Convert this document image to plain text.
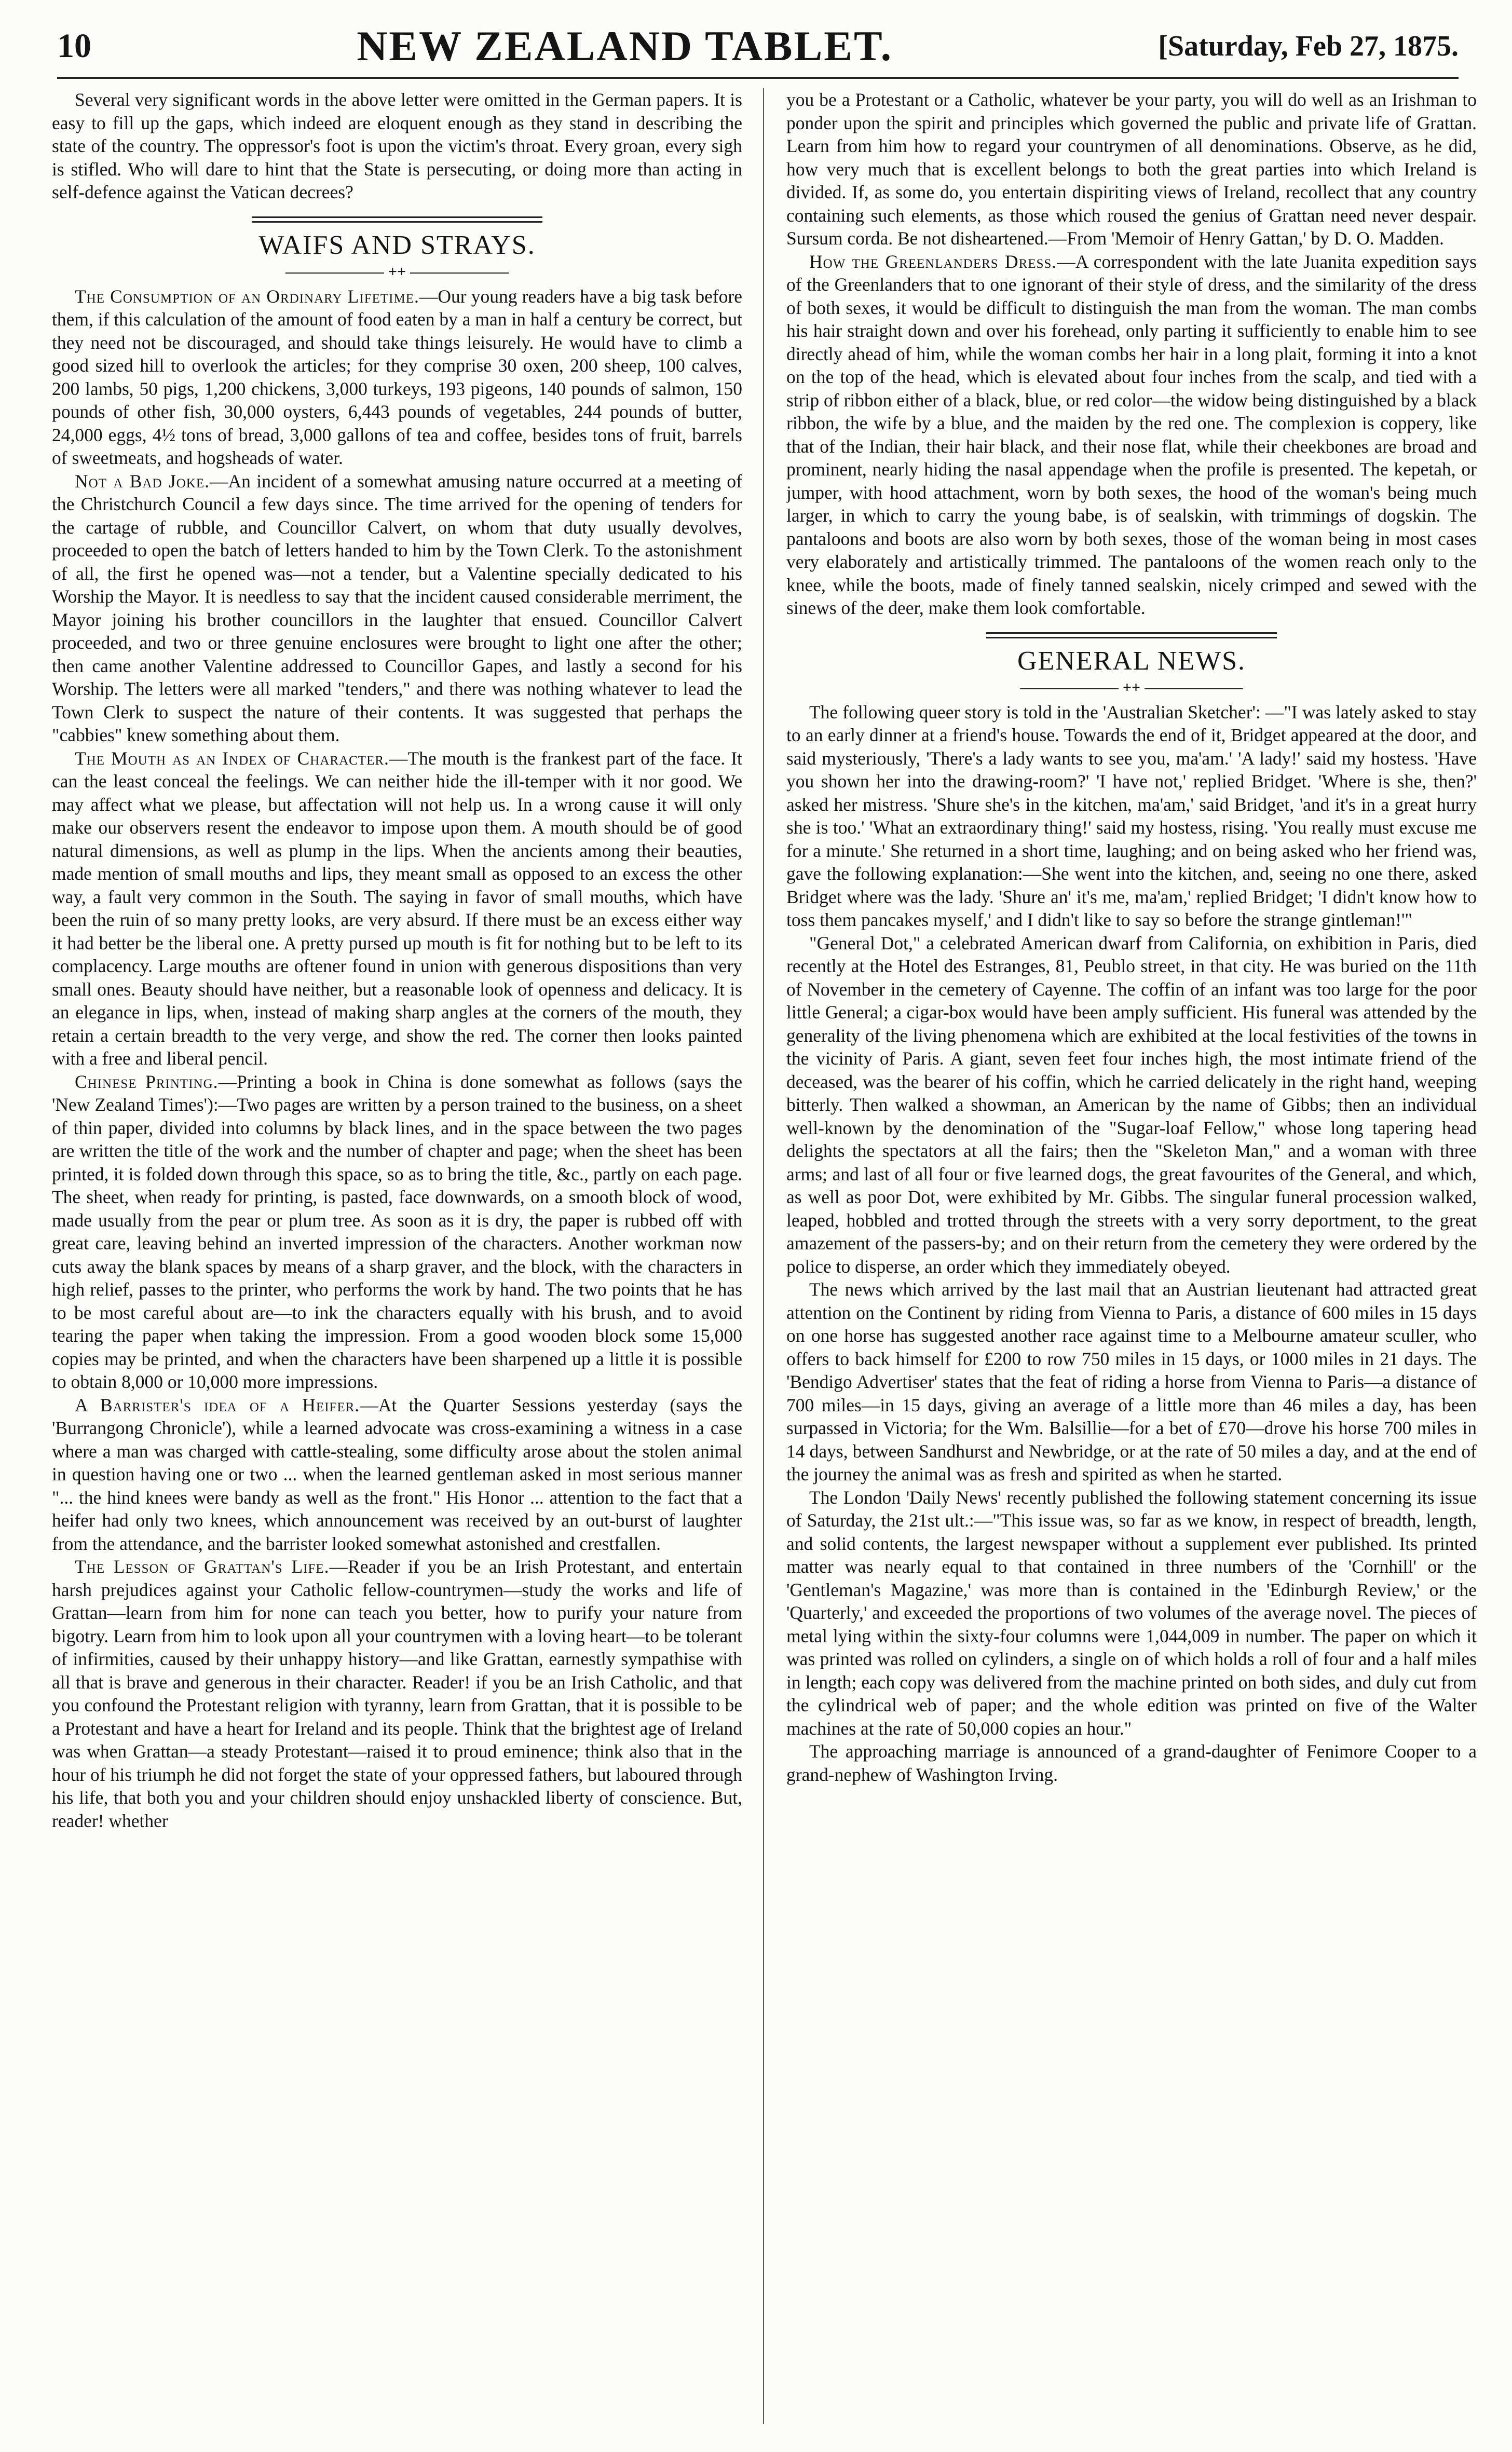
10	NEW ZEALAND TABLET.	[Saturday, Feb 27, 1875.

Several very significant words in the above letter were omitted in the German papers. It is easy to fill up the gaps, which indeed are eloquent enough as they stand in describing the state of the country. The oppressor's foot is upon the victim's throat. Every groan, every sigh is stifled. Who will dare to hint that the State is persecuting, or doing more than acting in self-defence against the Vatican decrees?

WAIFS AND STRAYS.
++

The Consumption of an Ordinary Lifetime.—Our young readers have a big task before them, if this calculation of the amount of food eaten by a man in half a century be correct, but they need not be discouraged, and should take things leisurely. He would have to climb a good sized hill to overlook the articles; for they comprise 30 oxen, 200 sheep, 100 calves, 200 lambs, 50 pigs, 1,200 chickens, 3,000 turkeys, 193 pigeons, 140 pounds of salmon, 150 pounds of other fish, 30,000 oysters, 6,443 pounds of vegetables, 244 pounds of butter, 24,000 eggs, 4½ tons of bread, 3,000 gallons of tea and coffee, besides tons of fruit, barrels of sweetmeats, and hogsheads of water.

Not a Bad Joke.—An incident of a somewhat amusing nature occurred at a meeting of the Christchurch Council a few days since. The time arrived for the opening of tenders for the cartage of rubble, and Councillor Calvert, on whom that duty usually devolves, proceeded to open the batch of letters handed to him by the Town Clerk. To the astonishment of all, the first he opened was—not a tender, but a Valentine specially dedicated to his Worship the Mayor. It is needless to say that the incident caused considerable merriment, the Mayor joining his brother councillors in the laughter that ensued. Councillor Calvert proceeded, and two or three genuine enclosures were brought to light one after the other; then came another Valentine addressed to Councillor Gapes, and lastly a second for his Worship. The letters were all marked "tenders," and there was nothing whatever to lead the Town Clerk to suspect the nature of their contents. It was suggested that perhaps the "cabbies" knew something about them.

The Mouth as an Index of Character.—The mouth is the frankest part of the face. It can the least conceal the feelings. We can neither hide the ill-temper with it nor good. We may affect what we please, but affectation will not help us. In a wrong cause it will only make our observers resent the endeavor to impose upon them. A mouth should be of good natural dimensions, as well as plump in the lips. When the ancients among their beauties, made mention of small mouths and lips, they meant small as opposed to an excess the other way, a fault very common in the South. The saying in favor of small mouths, which have been the ruin of so many pretty looks, are very absurd. If there must be an excess either way it had better be the liberal one. A pretty pursed up mouth is fit for nothing but to be left to its complacency. Large mouths are oftener found in union with generous dispositions than very small ones. Beauty should have neither, but a reasonable look of openness and delicacy. It is an elegance in lips, when, instead of making sharp angles at the corners of the mouth, they retain a certain breadth to the very verge, and show the red. The corner then looks painted with a free and liberal pencil.

Chinese Printing.—Printing a book in China is done somewhat as follows (says the 'New Zealand Times'):—Two pages are written by a person trained to the business, on a sheet of thin paper, divided into columns by black lines, and in the space between the two pages are written the title of the work and the number of chapter and page; when the sheet has been printed, it is folded down through this space, so as to bring the title, &c., partly on each page. The sheet, when ready for printing, is pasted, face downwards, on a smooth block of wood, made usually from the pear or plum tree. As soon as it is dry, the paper is rubbed off with great care, leaving behind an inverted impression of the characters. Another workman now cuts away the blank spaces by means of a sharp graver, and the block, with the characters in high relief, passes to the printer, who performs the work by hand. The two points that he has to be most careful about are—to ink the characters equally with his brush, and to avoid tearing the paper when taking the impression. From a good wooden block some 15,000 copies may be printed, and when the characters have been sharpened up a little it is possible to obtain 8,000 or 10,000 more impressions.

A Barrister's idea of a Heifer.—At the Quarter Sessions yesterday (says the 'Burrangong Chronicle'), while a learned advocate was cross-examining a witness in a case where a man was charged with cattle-stealing, some difficulty arose about the stolen animal in question having one or two ... when the learned gentleman asked in most serious manner "... the hind knees were bandy as well as the front." His Honor ... attention to the fact that a heifer had only two knees, which announcement was received by an out-burst of laughter from the attendance, and the barrister looked somewhat astonished and crestfallen.

The Lesson of Grattan's Life.—Reader if you be an Irish Protestant, and entertain harsh prejudices against your Catholic fellow-countrymen—study the works and life of Grattan—learn from him for none can teach you better, how to purify your nature from bigotry. Learn from him to look upon all your countrymen with a loving heart—to be tolerant of infirmities, caused by their unhappy history—and like Grattan, earnestly sympathise with all that is brave and generous in their character. Reader! if you be an Irish Catholic, and that you confound the Protestant religion with tyranny, learn from Grattan, that it is possible to be a Protestant and have a heart for Ireland and its people. Think that the brightest age of Ireland was when Grattan—a steady Protestant—raised it to proud eminence; think also that in the hour of his triumph he did not forget the state of your oppressed fathers, but laboured through his life, that both you and your children should enjoy unshackled liberty of conscience. But, reader! whether

you be a Protestant or a Catholic, whatever be your party, you will do well as an Irishman to ponder upon the spirit and principles which governed the public and private life of Grattan. Learn from him how to regard your countrymen of all denominations. Observe, as he did, how very much that is excellent belongs to both the great parties into which Ireland is divided. If, as some do, you entertain dispiriting views of Ireland, recollect that any country containing such elements, as those which roused the genius of Grattan need never despair. Sursum corda. Be not disheartened.—From 'Memoir of Henry Gattan,' by D. O. Madden.

How the Greenlanders Dress.—A correspondent with the late Juanita expedition says of the Greenlanders that to one ignorant of their style of dress, and the similarity of the dress of both sexes, it would be difficult to distinguish the man from the woman. The man combs his hair straight down and over his forehead, only parting it sufficiently to enable him to see directly ahead of him, while the woman combs her hair in a long plait, forming it into a knot on the top of the head, which is elevated about four inches from the scalp, and tied with a strip of ribbon either of a black, blue, or red color—the widow being distinguished by a black ribbon, the wife by a blue, and the maiden by the red one. The complexion is coppery, like that of the Indian, their hair black, and their nose flat, while their cheekbones are broad and prominent, nearly hiding the nasal appendage when the profile is presented. The kepetah, or jumper, with hood attachment, worn by both sexes, the hood of the woman's being much larger, in which to carry the young babe, is of sealskin, with trimmings of dogskin. The pantaloons and boots are also worn by both sexes, those of the woman being in most cases very elaborately and artistically trimmed. The pantaloons of the women reach only to the knee, while the boots, made of finely tanned sealskin, nicely crimped and sewed with the sinews of the deer, make them look comfortable.

GENERAL NEWS.
++

The following queer story is told in the 'Australian Sketcher': —"I was lately asked to stay to an early dinner at a friend's house. Towards the end of it, Bridget appeared at the door, and said mysteriously, 'There's a lady wants to see you, ma'am.' 'A lady!' said my hostess. 'Have you shown her into the drawing-room?' 'I have not,' replied Bridget. 'Where is she, then?' asked her mistress. 'Shure she's in the kitchen, ma'am,' said Bridget, 'and it's in a great hurry she is too.' 'What an extraordinary thing!' said my hostess, rising. 'You really must excuse me for a minute.' She returned in a short time, laughing; and on being asked who her friend was, gave the following explanation:—She went into the kitchen, and, seeing no one there, asked Bridget where was the lady. 'Shure an' it's me, ma'am,' replied Bridget; 'I didn't know how to toss them pancakes myself,' and I didn't like to say so before the strange gintleman!'"

"General Dot," a celebrated American dwarf from California, on exhibition in Paris, died recently at the Hotel des Estranges, 81, Peublo street, in that city. He was buried on the 11th of November in the cemetery of Cayenne. The coffin of an infant was too large for the poor little General; a cigar-box would have been amply sufficient. His funeral was attended by the generality of the living phenomena which are exhibited at the local festivities of the towns in the vicinity of Paris. A giant, seven feet four inches high, the most intimate friend of the deceased, was the bearer of his coffin, which he carried delicately in the right hand, weeping bitterly. Then walked a showman, an American by the name of Gibbs; then an individual well-known by the denomination of the "Sugar-loaf Fellow," whose long tapering head delights the spectators at all the fairs; then the "Skeleton Man," and a woman with three arms; and last of all four or five learned dogs, the great favourites of the General, and which, as well as poor Dot, were exhibited by Mr. Gibbs. The singular funeral procession walked, leaped, hobbled and trotted through the streets with a very sorry deportment, to the great amazement of the passers-by; and on their return from the cemetery they were ordered by the police to disperse, an order which they immediately obeyed.

The news which arrived by the last mail that an Austrian lieutenant had attracted great attention on the Continent by riding from Vienna to Paris, a distance of 600 miles in 15 days on one horse has suggested another race against time to a Melbourne amateur sculler, who offers to back himself for £200 to row 750 miles in 15 days, or 1000 miles in 21 days. The 'Bendigo Advertiser' states that the feat of riding a horse from Vienna to Paris—a distance of 700 miles—in 15 days, giving an average of a little more than 46 miles a day, has been surpassed in Victoria; for the Wm. Balsillie—for a bet of £70—drove his horse 700 miles in 14 days, between Sandhurst and Newbridge, or at the rate of 50 miles a day, and at the end of the journey the animal was as fresh and spirited as when he started.

The London 'Daily News' recently published the following statement concerning its issue of Saturday, the 21st ult.:—"This issue was, so far as we know, in respect of breadth, length, and solid contents, the largest newspaper without a supplement ever published. Its printed matter was nearly equal to that contained in three numbers of the 'Cornhill' or the 'Gentleman's Magazine,' was more than is contained in the 'Edinburgh Review,' or the 'Quarterly,' and exceeded the proportions of two volumes of the average novel. The pieces of metal lying within the sixty-four columns were 1,044,009 in number. The paper on which it was printed was rolled on cylinders, a single on of which holds a roll of four and a half miles in length; each copy was delivered from the machine printed on both sides, and duly cut from the cylindrical web of paper; and the whole edition was printed on five of the Walter machines at the rate of 50,000 copies an hour."

The approaching marriage is announced of a grand-daughter of Fenimore Cooper to a grand-nephew of Washington Irving.
